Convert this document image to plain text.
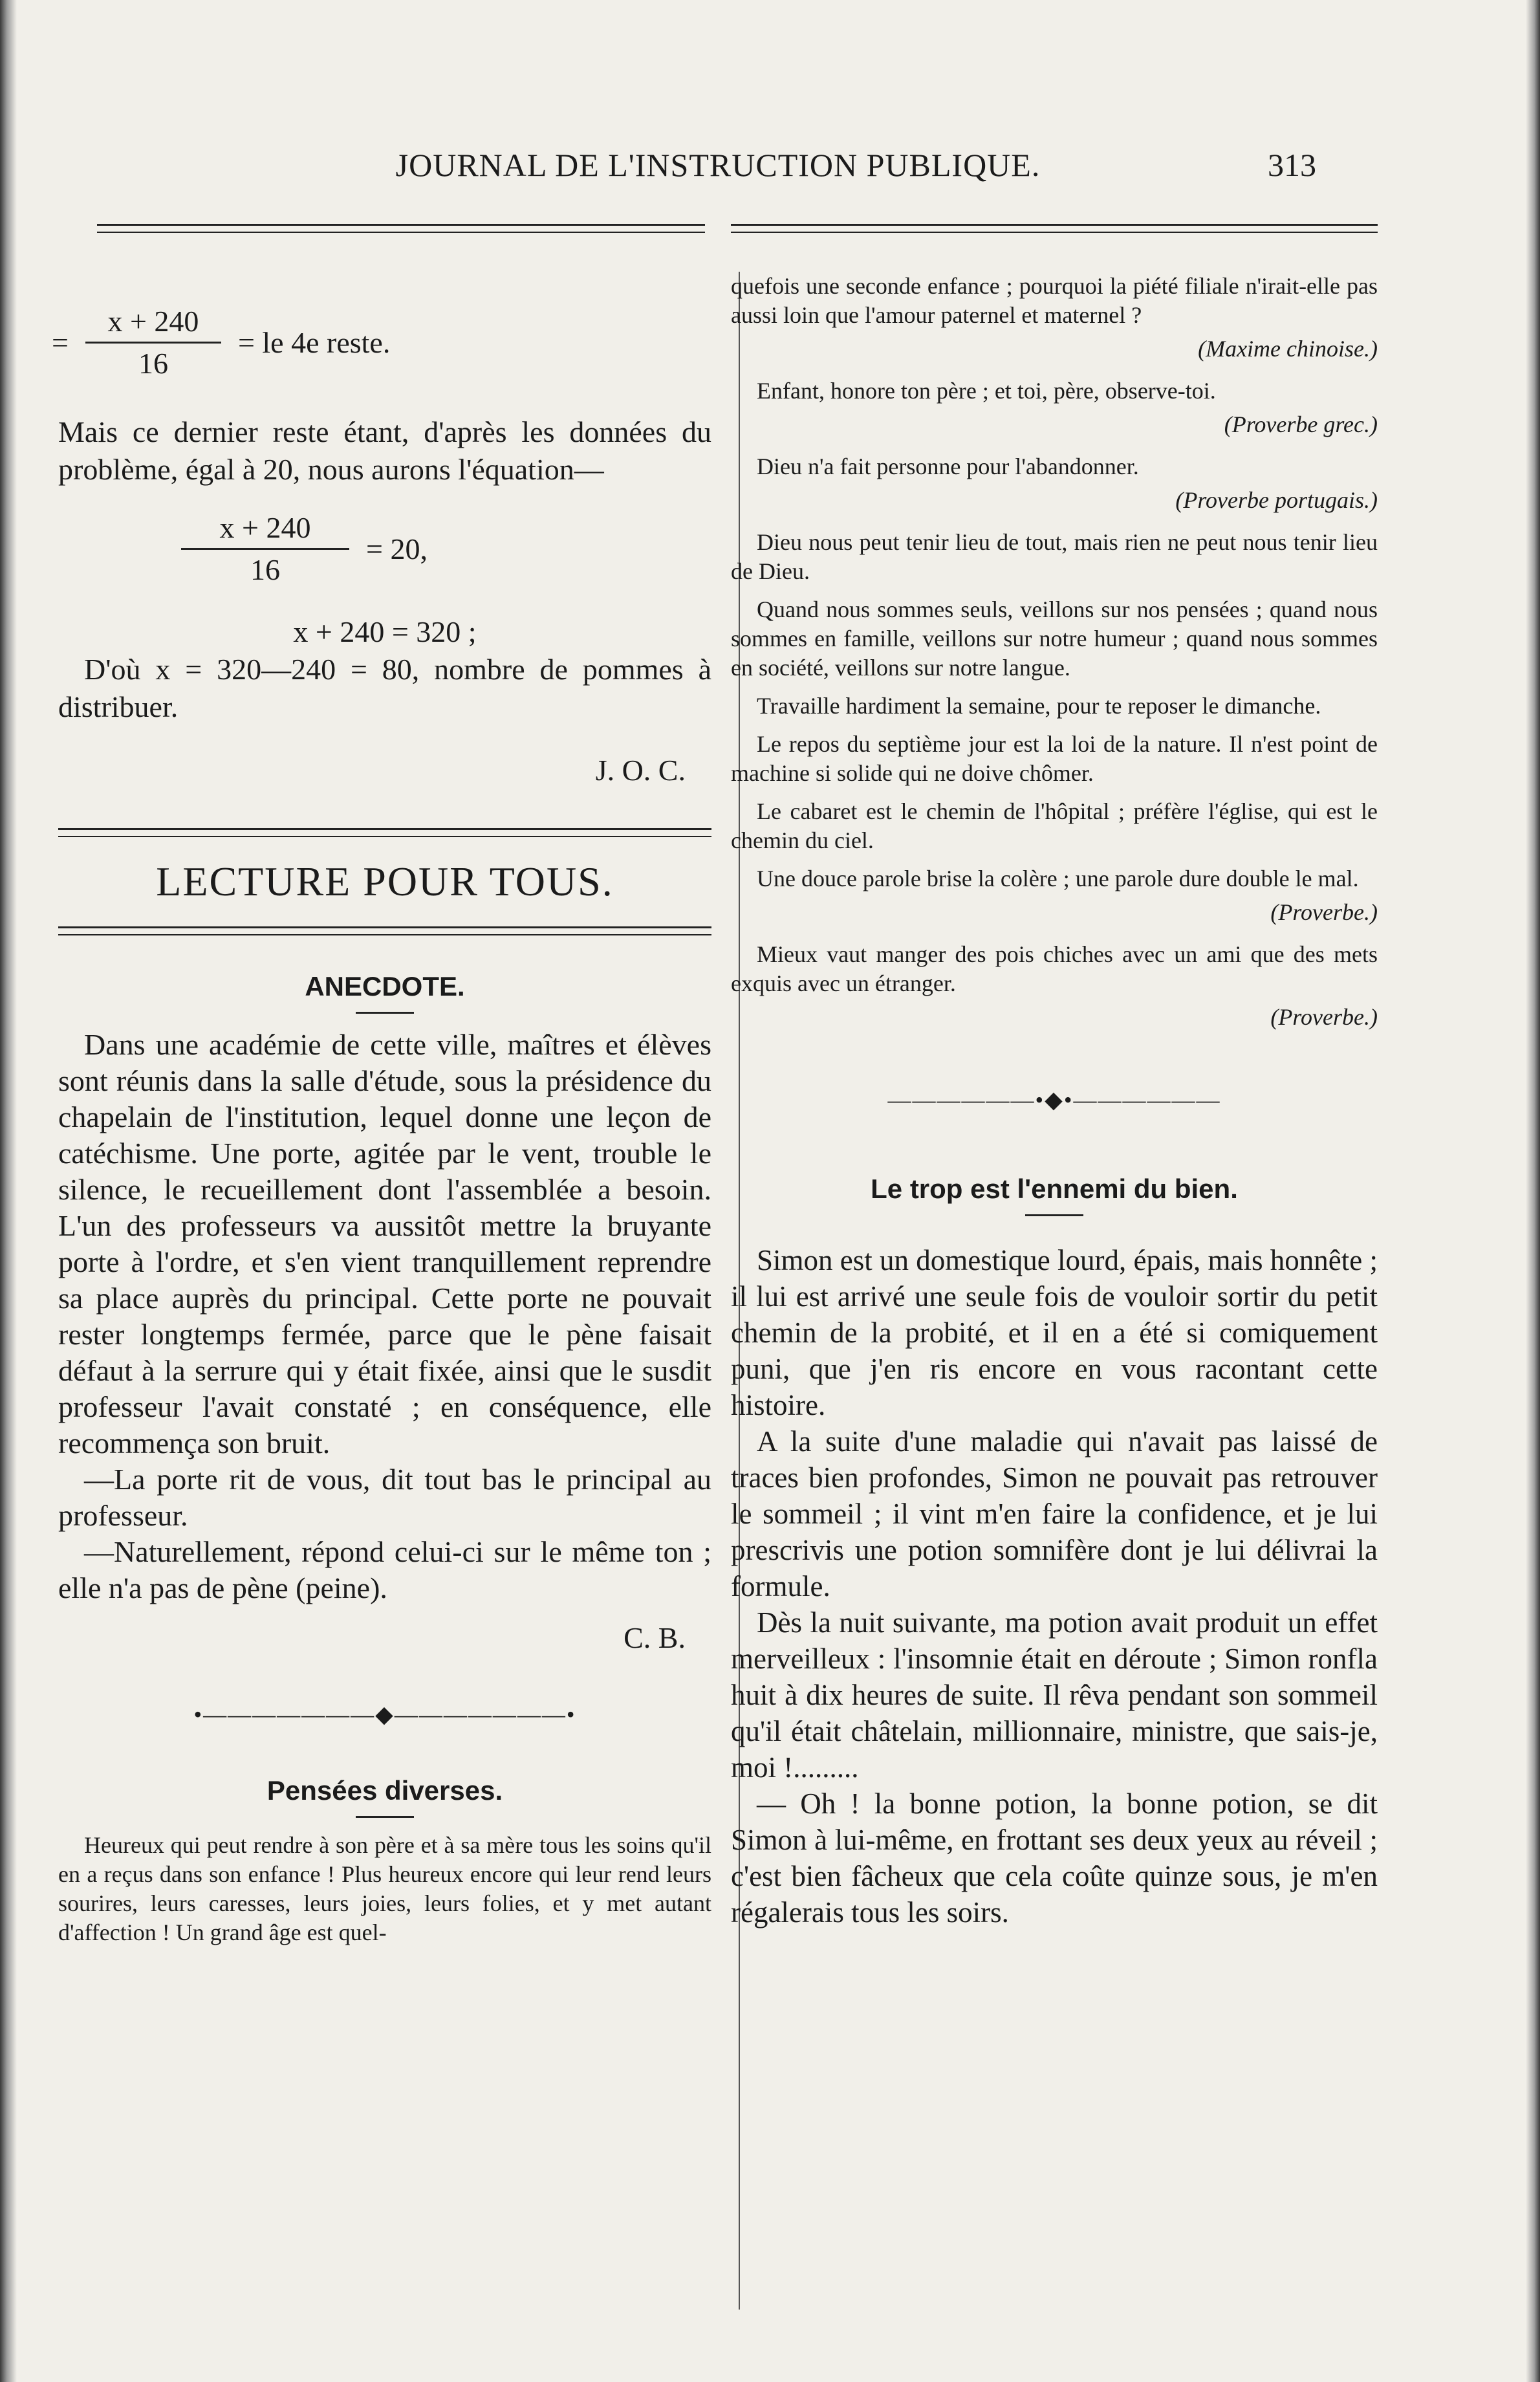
JOURNAL DE L'INSTRUCTION PUBLIQUE.	313
= $\frac{x + 240}{16}$ = le 4e reste.

Mais ce dernier reste étant, d'après les données du problème, égal à 20, nous aurons l'équation—

$\frac{x + 240}{16} = 20$,

x + 240 = 320 ;

D'où x = 320—240 = 80, nombre de pommes à distribuer.

J. O. C.

LECTURE POUR TOUS.
ANECDOTE.

Dans une académie de cette ville, maîtres et élèves sont réunis dans la salle d'étude, sous la présidence du chapelain de l'institution, lequel donne une leçon de catéchisme. Une porte, agitée par le vent, trouble le silence, le recueillement dont l'assemblée a besoin. L'un des professeurs va aussitôt mettre la bruyante porte à l'ordre, et s'en vient tranquillement reprendre sa place auprès du principal. Cette porte ne pouvait rester longtemps fermée, parce que le pène faisait défaut à la serrure qui y était fixée, ainsi que le susdit professeur l'avait constaté ; en conséquence, elle recommença son bruit.

—La porte rit de vous, dit tout bas le principal au professeur.

—Naturellement, répond celui-ci sur le même ton ; elle n'a pas de pène (peine).

C. B.

•———————◆———————•
Pensées diverses.

Heureux qui peut rendre à son père et à sa mère tous les soins qu'il en a reçus dans son enfance ! Plus heureux encore qui leur rend leurs sourires, leurs caresses, leurs joies, leurs folies, et y met autant d'affection ! Un grand âge est quel-

quefois une seconde enfance ; pourquoi la piété filiale n'irait-elle pas aussi loin que l'amour paternel et maternel ?

(Maxime chinoise.)

Enfant, honore ton père ; et toi, père, observe-toi.

(Proverbe grec.)

Dieu n'a fait personne pour l'abandonner.

(Proverbe portugais.)

Dieu nous peut tenir lieu de tout, mais rien ne peut nous tenir lieu de Dieu.

Quand nous sommes seuls, veillons sur nos pensées ; quand nous sommes en famille, veillons sur notre humeur ; quand nous sommes en société, veillons sur notre langue.

Travaille hardiment la semaine, pour te reposer le dimanche.

Le repos du septième jour est la loi de la nature. Il n'est point de machine si solide qui ne doive chômer.

Le cabaret est le chemin de l'hôpital ; préfère l'église, qui est le chemin du ciel.

Une douce parole brise la colère ; une parole dure double le mal.

(Proverbe.)

Mieux vaut manger des pois chiches avec un ami que des mets exquis avec un étranger.

(Proverbe.)

——————•◆•——————
Le trop est l'ennemi du bien.

Simon est un domestique lourd, épais, mais honnête ; il lui est arrivé une seule fois de vouloir sortir du petit chemin de la probité, et il en a été si comiquement puni, que j'en ris encore en vous racontant cette histoire.

A la suite d'une maladie qui n'avait pas laissé de traces bien profondes, Simon ne pouvait pas retrouver le sommeil ; il vint m'en faire la confidence, et je lui prescrivis une potion somnifère dont je lui délivrai la formule.

Dès la nuit suivante, ma potion avait produit un effet merveilleux : l'insomnie était en déroute ; Simon ronfla huit à dix heures de suite. Il rêva pendant son sommeil qu'il était châtelain, millionnaire, ministre, que sais-je, moi !.........

— Oh ! la bonne potion, la bonne potion, se dit Simon à lui-même, en frottant ses deux yeux au réveil ; c'est bien fâcheux que cela coûte quinze sous, je m'en régalerais tous les soirs.
